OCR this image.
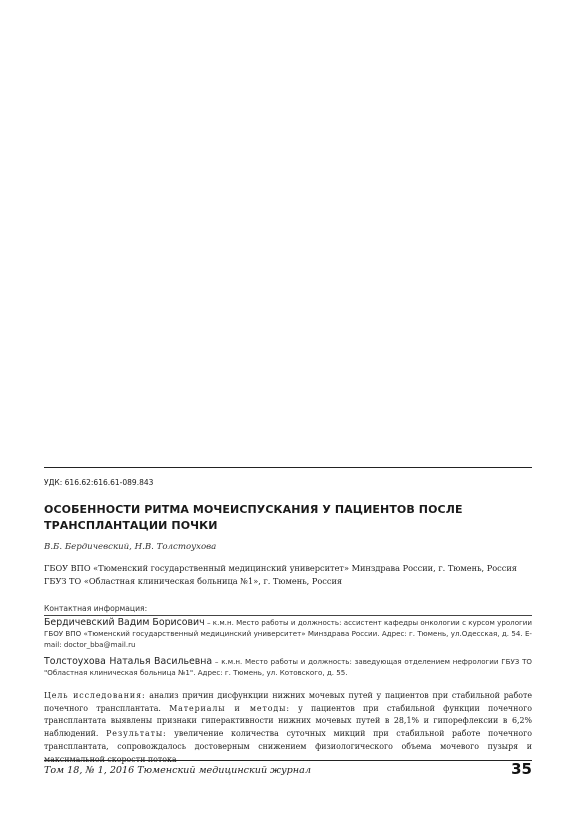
УДК: 616.62:616.61-089.843
ОСОБЕННОСТИ РИТМА МОЧЕИСПУСКАНИЯ У ПАЦИЕНТОВ ПОСЛЕ
ТРАНСПЛАНТАЦИИ ПОЧКИ
В.Б. Бердичевский, Н.В. Толстоухова
ГБОУ ВПО «Тюменский государственный медицинский университет» Минздрава России, г. Тюмень, Россия
ГБУЗ ТО «Областная клиническая больница №1», г. Тюмень, Россия
Контактная информация:
Бердичевский Вадим Борисович – к.м.н. Место работы и должность: ассистент кафедры онкологии с курсом урологии ГБОУ ВПО «Тюменский государственный медицинский университет» Минздрава России. Адрес: г. Тюмень, ул.Одесская, д. 54. E-mail: doctor_bba@mail.ru
Толстоухова Наталья Васильевна – к.м.н. Место работы и должность: заведующая отделением нефрологии ГБУЗ ТО "Областная клиническая больница №1". Адрес: г. Тюмень, ул. Котовского, д. 55.
Цель исследования: анализ причин дисфункции нижних мочевых путей у пациентов при стабильной работе почечного трансплантата. Материалы и методы: у пациентов при стабильной функции почечного трансплантата выявлены признаки гиперактивности нижних мочевых путей в 28,1% и гипорефлексии в 6,2% наблюдений. Результаты: увеличение количества суточных микций при стабильной работе почечного трансплантата, сопровождалось достоверным снижением физиологического объема мочевого пузыря и максимальной скорости потока
Том 18, № 1, 2016 Тюменский медицинский журнал	35
